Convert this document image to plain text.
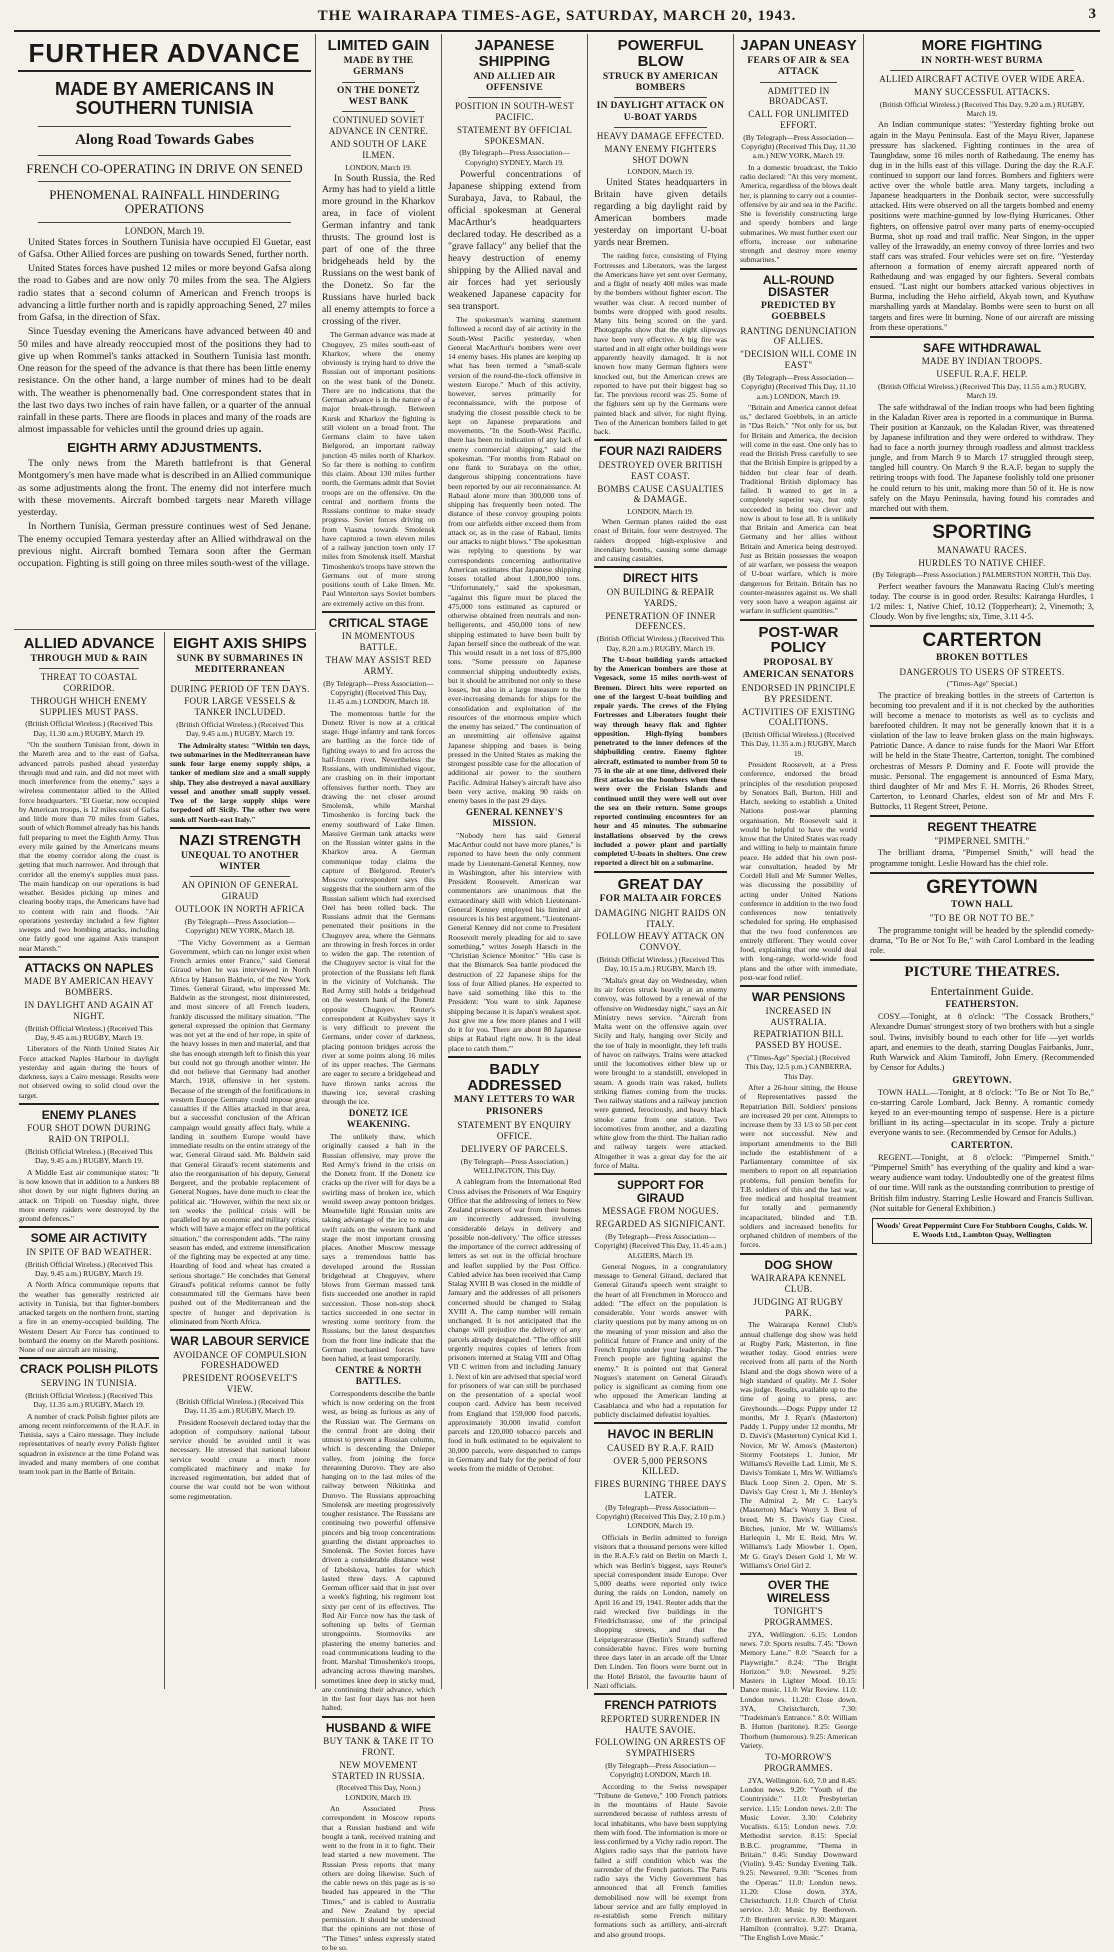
THE WAIRARAPA TIMES-AGE, SATURDAY, MARCH 20, 1943.	3
FURTHER ADVANCE
MADE BY AMERICANS IN SOUTHERN TUNISIA
Along Road Towards Gabes
FRENCH CO-OPERATING IN DRIVE ON SENED
PHENOMENAL RAINFALL HINDERING OPERATIONS
LONDON, March 19.

United States forces in Southern Tunisia have occupied El Guetar, east of Gafsa. Other Allied forces are pushing on towards Sened, further north.

United States forces have pushed 12 miles or more beyond Gafsa along the road to Gabes and are now only 70 miles from the sea. The Algiers radio states that a second column of American and French troops is advancing a little further north and is rapidly approaching Sened, 27 miles from Gafsa, in the direction of Sfax.

Since Tuesday evening the Americans have advanced between 40 and 50 miles and have already reoccupied most of the positions they had to give up when Rommel's tanks attacked in Southern Tunisia last month. One reason for the speed of the advance is that there has been little enemy resistance. On the other hand, a large number of mines had to be dealt with. The weather is phenomenally bad. One correspondent states that in the last two days two inches of rain have fallen, or a quarter of the annual rainfall in these parts. There are floods in places and many of the roads are almost impassable for vehicles until the ground dries up again.

EIGHTH ARMY ADJUSTMENTS.

The only news from the Mareth battlefront is that General Montgomery's men have made what is described in an Allied communique as some adjustments along the front. The enemy did not interfere much with these movements. Aircraft bombed targets near Mareth village yesterday.

In Northern Tunisia, German pressure continues west of Sed Jenane. The enemy occupied Temara yesterday after an Allied withdrawal on the previous night. Aircraft bombed Temara soon after the German occupation. Fighting is still going on three miles south-west of the village.

ALLIED ADVANCE
THROUGH MUD & RAIN
THREAT TO COASTAL CORRIDOR.
THROUGH WHICH ENEMY SUPPLIES MUST PASS.
(British Official Wireless.) (Received This Day, 11.30 a.m.) RUGBY, March 19.

"On the southern Tunisian front, down in the Mareth area and to the east of Gafsa, advanced patrols pushed ahead yesterday through mud and rain, and did not meet with much interference from the enemy," says a wireless commentator allied to the Allied force headquarters. "El Guetar, now occupied by American troops, is 12 miles east of Gafsa and little more than 70 miles from Gabes, south of which Rommel already has his hands full preparing to meet the Eighth Army. Thus every mile gained by the Americans means that the enemy corridor along the coast is getting that much narrower. And through that corridor all the enemy's supplies must pass. The main handicap on our operations is bad weather. Besides picking up mines and clearing booby traps, the Americans have had to content with rain and floods. "Air operations yesterday included a few fighter sweeps and two bombing attacks, including one fairly good one against Axis transport near Mareth."

ATTACKS ON NAPLES
MADE BY AMERICAN HEAVY BOMBERS.
IN DAYLIGHT AND AGAIN AT NIGHT.
(British Official Wireless.) (Received This Day, 9.45 a.m.) RUGBY, March 19.

Liberators of the Ninth United States Air Force attacked Naples Harbour in daylight yesterday and again during the hours of darkness, says a Cairo message. Results were not observed owing to solid cloud over the target.

ENEMY PLANES
FOUR SHOT DOWN DURING RAID ON TRIPOLI.
(British Official Wireless.) (Received This Day, 9.45 a.m.) RUGBY, March 19.

A Middle East air communique states: "It is now known that in addition to a Junkers 88 shot down by our night fighters during an attack on Tripoli on Tuesday night, three more enemy raiders were destroyed by the ground defences."

SOME AIR ACTIVITY
IN SPITE OF BAD WEATHER.
(British Official Wireless.) (Received This Day, 9.45 a.m.) RUGBY, March 19.

A North Africa communique reports that the weather has generally restricted air activity in Tunisia, but that fighter-bombers attacked targets on the northern front, starting a fire in an enemy-occupied building. The Western Desert Air Force has continued to bombard the enemy on the Mareth positions. None of our aircraft are missing.

CRACK POLISH PILOTS
SERVING IN TUNISIA.
(British Official Wireless.) (Received This Day, 11.35 a.m.) RUGBY, March 19.

A number of crack Polish fighter pilots are among recent reinforcements of the R.A.F. in Tunisia, says a Cairo message. They include representatives of nearly every Polish fighter squadron in existence at the time Poland was invaded and many members of one combat team took part in the Battle of Britain.

EIGHT AXIS SHIPS
SUNK BY SUBMARINES IN MEDITERRANEAN
DURING PERIOD OF TEN DAYS.
FOUR LARGE VESSELS & TANKER INCLUDED.
(British Official Wireless.) (Received This Day, 9.45 a.m.) RUGBY, March 19.

The Admiralty states: "Within ten days, two submarines in the Mediterranean have sunk four large enemy supply ships, a tanker of medium size and a small supply ship. They also destroyed a naval auxiliary vessel and another small supply vessel. Two of the large supply ships were torpedoed off Sicily. The other two were sunk off North-east Italy."

NAZI STRENGTH
UNEQUAL TO ANOTHER WINTER
AN OPINION OF GENERAL GIRAUD
OUTLOOK IN NORTH AFRICA
(By Telegraph—Press Association—Copyright) NEW YORK, March 18.

"The Vichy Government as a German Government, which can no longer exist when French armies enter France," said General Giraud when he was interviewed in North Africa by Hanson Baldwin, of the New York Times. General Giraud, who impressed Mr. Baldwin as the strongest, most disinterested, and most sincere of all French leaders, frankly discussed the military situation. "The general expressed the opinion that Germany was not yet at the end of her rope, in spite of the heavy losses in men and material, and that she has enough strength left to finish this year but could not go through another winter. He did not believe that Germany had another March, 1918, offensive in her system. Because of the strength of the fortifications in western Europe Germany could impose great casualties if the Allies attacked in that area, but a successful conclusion of the African campaign would greatly affect Italy, while a landing in southern Europe would have immediate results on the entire strategy of the war, General Giraud said. Mr. Baldwin said that General Giraud's recent statements and also the reorganisation of his deputy, General Bergeret, and the probable replacement of General Nogues, have done much to clear the political air. "However, within the next six or ten weeks the political crisis will be paralleled by an economic and military crisis, which will have a major effect on the political situation," the correspondent adds. "The rainy season has ended, and extreme intensification of the fighting may be expected at any time. Hoarding of food and wheat has created a serious shortage." He concludes that General Giraud's political reforms cannot be fully consummated till the Germans have been pushed out of the Mediterranean and the spectre of hunger and deprivation is eliminated from North Africa.

WAR LABOUR SERVICE
AVOIDANCE OF COMPULSION FORESHADOWED
PRESIDENT ROOSEVELT'S VIEW.
(British Official Wireless.) (Received This Day, 11.35 a.m.) RUGBY, March 19.

President Roosevelt declared today that the adoption of compulsory national labour service should be avoided until it was necessary. He stressed that national labour service would create a much more complicated machinery and make for increased regimentation, but added that of course the war could not be won without some regimentation.

LIMITED GAIN
MADE BY THE GERMANS
ON THE DONETZ WEST BANK
CONTINUED SOVIET ADVANCE IN CENTRE.
AND SOUTH OF LAKE ILMEN.
LONDON, March 19.

In South Russia, the Red Army has had to yield a little more ground in the Kharkov area, in face of violent German infantry and tank thrusts. The ground lost is part of one of the three bridgeheads held by the Russians on the west bank of the Donetz. So far the Russians have hurled back all enemy attempts to force a crossing of the river.

The German advance was made at Chuguyev, 25 miles south-east of Kharkov, where the enemy obviously is trying hard to drive the Russian out of important positions on the west bank of the Donetz. There are no indications that the German advance is in the nature of a major break-through. Between Kursk and Kharkov the fighting is still violent on a broad front. The Germans claim to have taken Bielgorod, an important railway junction 45 miles north of Kharkov. So far there is nothing to confirm this claim. About 130 miles further north, the Germans admit that Soviet troops are on the offensive. On the central and northern fronts the Russians continue to make steady progress. Soviet forces driving on from Viasma towards Smolensk have captured a town eleven miles of a railway junction town only 17 miles from Smolensk itself. Marshal Timoshenko's troops have strewn the Germans out of more strong positions south of Lake Ilmen. Mr. Paul Winterton says Soviet bombers are extremely active on this front.

CRITICAL STAGE
IN MOMENTOUS BATTLE.
THAW MAY ASSIST RED ARMY.
(By Telegraph—Press Association—Copyright) (Received This Day, 11.45 a.m.) LONDON, March 18.

The momentous battle for the Donetz River is now at a critical stage. Huge infantry and tank forces are battling as the force tide of fighting sways to and fro across the half-frozen river. Nevertheless the Russians, with undiminished vigour, are crashing on in their important offensives further north. They are drawing the net closer around Smolensk, while Marshal Timoshenko is forcing back the enemy southward of Lake Ilmen. Massive German tank attacks were on the Russian winter gains in the Kharkov area. A German communique today claims the capture of Bielgorod. Reuter's Moscow correspondent says this suggests that the southern arm of the Russian salient which had exercised Orel has been rolled back. The Russians admit that the Germans penetrated their positions in the Chuguyev area, where the Germans are throwing in fresh forces in order to widen the gap. The retention of the Chuguyev sector is vital for the protection of the Russians left flank in the vicinity of Volchansk. The Red Army still holds a bridgehead on the western bank of the Donetz opposite Chuguyev. Reuter's correspondent at Kuibyshev says it is very difficult to prevent the Germans, under cover of darkness, placing pontoon bridges across the river at some points along 16 miles of its upper reaches. The Germans are eager to secure a bridgehead and have thrown tanks across the thawing ice, several crashing through the ice.

DONETZ ICE WEAKENING.

The unlikely thaw, which originally caused a halt in the Russian offensive, may prove the Red Army's friend in the crisis on the Donetz front. If the Donetz ice cracks up the river will for days be a swirling mass of broken ice, which would sweep away pontoon bridges. Meanwhile light Russian units are taking advantage of the ice to make swift raids on the western bank and stage the most important crossing places. Another Moscow message says a tremendous battle has developed around the Russian bridgehead at Chuguyev, where blows from German massed tank fists succeeded one another in rapid succession. Those non-stop shock tactics succeeded in one sector in wresting some territory from the Russians, but the latest despatches from the front line indicate that the German mechanised forces have been halted, at least temporarily.

CENTRE & NORTH BATTLES.

Correspondents describe the battle which is now ordering on the front west, as being as furious as any of the Russian war. The Germans on the central front are doing their utmost to prevent a Russian column, which is descending the Dnieper valley, from joining the force threatening Durovo. They are also hanging on to the last miles of the railway between Nikitinka and Durovo. The Russians approaching Smolensk are meeting progressively tougher resistance. The Russians are continuing two powerful offensive pincers and big troop concentrations guarding the distant approaches to Smolensk. The Soviet forces have driven a considerable distance west of Izbolskova, battles for which lasted three days. A captured German officer said that in just over a week's fighting, his regiment lost sixty per cent of its effectives. The Red Air Force now has the task of softening up belts of German strongpoints. Stormoviks are plastering the enemy batteries and road communications leading to the front. Marshal Timoshenko's troops, advancing across thawing marshes, sometimes knee deep in sticky mud, are continuing their advance, which in the last four days has not been halted.

HUSBAND & WIFE
BUY TANK & TAKE IT TO FRONT.
NEW MOVEMENT STARTED IN RUSSIA.
(Received This Day, Noon.) LONDON, March 19.

An Associated Press correspondent in Moscow reports that a Russian husband and wife bought a tank, received training and went to the front in it to fight. Their lead started a new movement. The Russian Press reports that many others are doing likewise. Such of the cable news on this page as is so headed has appeared in the "The Times," and is cabled to Australia and New Zealand by special permission. It should be understood that the opinions are not those of "The Times" unless expressly stated to be so.

JAPANESE SHIPPING
AND ALLIED AIR OFFENSIVE
POSITION IN SOUTH-WEST PACIFIC.
STATEMENT BY OFFICIAL SPOKESMAN.
(By Telegraph—Press Association—Copyright) SYDNEY, March 19.

Powerful concentrations of Japanese shipping extend from Surabaya, Java, to Rabaul, the official spokesman at General MacArthur's headquarters declared today. He described as a "grave fallacy" any belief that the heavy destruction of enemy shipping by the Allied naval and air forces had yet seriously weakened Japanese capacity for sea transport.

The spokesman's warning statement followed a record day of air activity in the South-West Pacific yesterday, when General MacArthur's bombers were over 14 enemy bases. His planes are keeping up what has been termed a "small-scale version of the round-the-clock offensive in western Europe." Much of this activity, however, serves primarily for reconnaissance, with the purpose of studying the closest possible check to be kept on Japanese preparations and movements. "In the South-West Pacific, there has been no indication of any lack of enemy commercial shipping," said the spokesman. "For months from Rabaul on one flank to Surabaya on the other, dangerous shipping concentrations have been reported by our air reconnaissance. At Rabaul alone more than 300,000 tons of shipping has frequently been noted. The distance of these convoy grouping points from our airfields either exceed them from attack or, as in the case of Rabaul, limits our attacks to night blows." The spokesman was replying to questions by war correspondents concerning authoritative American estimates that Japanese shipping losses totalled about 1,800,000 tons. "Unfortunately," said the spokesman, "against this figure must be placed the 475,000 tons estimated as captured or otherwise obtained from neutrals and non-belligerents, and 450,000 tons of new shipping estimated to have been built by Japan herself since the outbreak of the war. This would result in a net loss of 875,000 tons. "Some pressure on Japanese commercial shipping undoubtedly exists, but it should be attributed not only to these losses, but also in a large measure to the ever-increasing demands for ships for the consolidation and exploitation of the resources of the enormous empire which the enemy has seized." The continuation of an unremitting air offensive against Japanese shipping and bases is being pressed in the United States as making the strongest possible case for the allocation of additional air power to the southern Pacific. Admiral Halsey's aircraft have also been very active, making 90 raids on enemy bases in the past 29 days.

GENERAL KENNEY'S MISSION.

"Nobody here has said General MacArthur could not have more planes," is reported to have been the only comment made by Lieutenant-General Kenney, now in Washington, after his interview with President Roosevelt. American war commentators are unanimous that the extraordinary skill with which Lieutenant-General Kenney employed his limited air resources is his best argument. "Lieutenant-General Kenney did not come to President Roosevelt merely pleading for aid to save something," writes Joseph Harsch in the "Christian Science Monitor." "His case is that the Bismarck Sea battle produced the destruction of 22 Japanese ships for the loss of four Allied planes. He expected to have said something like this to the President: 'You want to sink Japanese shipping because it is Japan's weakest spot. Just give me a few more planes and I will do it for you. There are about 80 Japanese ships at Rabaul right now. It is the ideal place to catch them.'"

BADLY ADDRESSED
MANY LETTERS TO WAR PRISONERS
STATEMENT BY ENQUIRY OFFICE.
DELIVERY OF PARCELS.
(By Telegraph—Press Association.) WELLINGTON, This Day.

A cablegram from the International Red Cross advises the Prisoners of War Enquiry Office that the addressing of letters to New Zealand prisoners of war from their homes are incorrectly addressed, involving considerable delays in delivery and 'possible non-delivery.' The office stresses the importance of the correct addressing of letters as set out in the official brochure and leaflet supplied by the Post Office. Cabled advice has been received that Camp Stalag XVIII B was closed in the middle of January and the addresses of all prisoners concerned should be changed to Stalag XVIII A. The camp number will remain unchanged. It is not anticipated that the change will prejudice the delivery of any parcels already despatched. "The office still urgently requires copies of letters from prisoners interned at Stalag VIII and Oflag VII C written from and including January 1. Next of kin are advised that special word for prisoners of war can still be purchased on the presentation of a special wool coupon card. Advice has been received from England that 159,000 food parcels, approximately 30,000 invalid comfort parcels and 120,000 tobacco parcels and food in bulk estimated to be equivalent to 30,000 parcels, were despatched to camps in Germany and Italy for the period of four weeks from the middle of October.

POWERFUL BLOW
STRUCK BY AMERICAN BOMBERS
IN DAYLIGHT ATTACK ON U-BOAT YARDS
HEAVY DAMAGE EFFECTED.
MANY ENEMY FIGHTERS SHOT DOWN
LONDON, March 19.

United States headquarters in Britain have given details regarding a big daylight raid by American bombers made yesterday on important U-boat yards near Bremen.

The raiding force, consisting of Flying Fortresses and Liberators, was the largest the Americans have yet sent over Germany, and a flight of nearly 400 miles was made by the bombers without fighter escort. The weather was clear. A record number of bombs were dropped with good results. Many hits being scored on the yard. Photographs show that the eight slipways have been very effective. A big fire was started and in all eight other buildings were apparently heavily damaged. It is not known how many German fighters were knocked out, but the American crews are reported to have put their biggest bag so far. The previous record was 25. Some of the fighters sent up by the Germans were painted black and silver, for night flying. Two of the American bombers failed to get back.

FOUR NAZI RAIDERS
DESTROYED OVER BRITISH EAST COAST.
BOMBS CAUSE CASUALTIES & DAMAGE.
LONDON, March 19.

When German planes raided the east coast of Britain, four were destroyed. The raiders dropped high-explosive and incendiary bombs, causing some damage and causing casualties.

DIRECT HITS
ON BUILDING & REPAIR YARDS.
PENETRATION OF INNER DEFENCES.
(British Official Wireless.) (Received This Day, 8.20 a.m.) RUGBY, March 19.

The U-boat building yards attacked by the American bombers are those at Vegesack, some 15 miles north-west of Bremen. Direct hits were reported on one of the largest U-boat building and repair yards. The crews of the Flying Fortresses and Liberators fought their way through heavy flak and fighter opposition. High-flying bombers penetrated to the inner defences of the shipbuilding centre. Enemy fighter aircraft, estimated to number from 50 to 75 in the air at one time, delivered their first attacks on the bombers when these were over the Frisian Islands and continued until they were well out over the sea on their return. Some groups reported continuing encounters for an hour and 45 minutes. The submarine installations observed by the crews included a power plant and partially completed U-boats in shelters. One crew reported a direct hit on a submarine.

GREAT DAY
FOR MALTA AIR FORCES
DAMAGING NIGHT RAIDS ON ITALY.
FOLLOW HEAVY ATTACK ON CONVOY.
(British Official Wireless.) (Received This Day, 10.15 a.m.) RUGBY, March 19.

"Malta's great day on Wednesday, when its air forces struck heavily at an enemy convoy, was followed by a renewal of the offensive on Wednesday night," says an Air Ministry news service. "Aircraft from Malta went on the offensive again over Sicily and Italy, hanging over Sicily and the toe of Italy in moonlight, they left trails of havoc on railways. Trains were attacked until the locomotives either blew up or were brought to a standstill, enveloped in steam. A goods train was raked, bullets striking flames coming from the trucks. Two railway stations and a railway junction were gunned, ferociously, and heavy black smoke came from one station. Two locomotives from another, and a dazzling white glow from the third. The Italian radio and railway targets were attacked. Altogether it was a great day for the air force of Malta.

SUPPORT FOR GIRAUD
MESSAGE FROM NOGUES.
REGARDED AS SIGNIFICANT.
(By Telegraph—Press Association—Copyright) (Received This Day, 11.45 a.m.) ALGIERS, March 19.

General Nogues, in a congratulatory message to General Giraud, declared that General Giraud's speech went straight to the heart of all Frenchmen in Morocco and added: "The effect on the population is considerable. Your words answer with clarity questions put by many among us on the meaning of your mission and also the political future of France and unity of the French Empire under your leadership. The French people are fighting against the enemy." It is pointed out that General Nogues's statement on General Giraud's policy is significant as coming from one who opposed the American landing at Casablanca and who had a reputation for publicly disclaimed defeatist loyalties.

HAVOC IN BERLIN
CAUSED BY R.A.F. RAID
OVER 5,000 PERSONS KILLED.
FIRES BURNING THREE DAYS LATER.
(By Telegraph—Press Association—Copyright) (Received This Day, 2.10 p.m.) LONDON, March 19.

Officials in Berlin admitted to foreign visitors that a thousand persons were killed in the R.A.F.'s raid on Berlin on March 1, which was Berlin's biggest, says Reuter's special correspondent inside Europe. Over 5,000 deaths were reported only twice during the raids on London, namely on April 16 and 19, 1941. Reuter adds that the raid wrecked five buildings in the Friedrichstrasse, one of the principal shopping streets, and that the Leipzigerstrasse (Berlin's Strand) suffered considerable havoc. Fires were burning three days later in an arcade off the Unter Den Linden. Ten floors were burnt out in the Hotel Bristol, the favourite haunt of Nazi officials.

FRENCH PATRIOTS
REPORTED SURRENDER IN HAUTE SAVOIE.
FOLLOWING ON ARRESTS OF SYMPATHISERS
(By Telegraph—Press Association—Copyright) LONDON, March 18.

According to the Swiss newspaper "Tribune de Geneve," 100 French patriots in the mountains of Haute Savoie surrendered because of ruthless arrests of local inhabitants, who have been supplying them with food. The information is more or less confirmed by a Vichy radio report. The Algiers radio says that the patriots have failed a stiff condition which was the surrender of the French patriots. The Paris radio says the Vichy Government has announced that all French families demobilised now will be exempt from labour service and are fully employed in re-establish some French military formations such as artillery, anti-aircraft and also ground troops.

JAPAN UNEASY
FEARS OF AIR & SEA ATTACK
ADMITTED IN BROADCAST.
CALL FOR UNLIMITED EFFORT.
(By Telegraph—Press Association—Copyright) (Received This Day, 11.30 a.m.) NEW YORK, March 19.

In a domestic broadcast, the Tokio radio declared: "At this very moment, America, regardless of the blows dealt her, is planning to carry out a counter-offensive by air and sea in the Pacific. She is feverishly constructing large and speedy bombers and large submarines. We must further exert our efforts, increase our submarine strength and destroy more enemy submarines."

ALL-ROUND DISASTER
PREDICTED BY GOEBBELS
RANTING DENUNCIATION OF ALLIES.
"DECISION WILL COME IN EAST"
(By Telegraph—Press Association—Copyright) (Received This Day, 11.10 a.m.) LONDON, March 19.

"Britain and America cannot defeat us," declared Goebbels, in an article in "Das Reich." "Not only for us, but for Britain and America, the decision will come in the east. One only has to read the British Press carefully to see that the British Empire is gripped by a hidden but clear fear of death. Traditional British diplomacy has failed. It wanted to get in a completely superior way, but only succeeded in being too clever and now is about to lose all. It is unlikely that Britain and America can beat Germany and her allies without Britain and America being destroyed. Just as Britain possesses the weapon of air warfare, we possess the weapon of U-boat warfare, which is more dangerous for Britain. Britain has no counter-measures against us. We shall very soon have a weapon against air warfare in sufficient quantities."

POST-WAR POLICY
PROPOSAL BY AMERICAN SENATORS
ENDORSED IN PRINCIPLE BY PRESIDENT.
ACTIVITIES OF EXISTING COALITIONS.
(British Official Wireless.) (Received This Day, 11.35 a.m.) RUGBY, March 19.

President Roosevelt, at a Press conference, endorsed the broad principles of the resolution proposed by Senators Ball, Burton, Hill and Hatch, seeking to establish a United Nations post-war planning organisation. Mr Roosevelt said it would be helpful to have the world know that the United States was ready and willing to help to maintain future peace. He added that his own post-war consultation, headed by Mr Cordell Hull and Mr Sumner Welles, was discussing the possibility of acting under United Nations conference in addition to the two food conferences now tentatively scheduled for spring. He emphasised that the two food conferences are entirely different. They would cover food, explaining that one would deal with long-range, world-wide food plans and the other with immediate, post-war food relief.

WAR PENSIONS
INCREASED IN AUSTRALIA.
REPATRIATION BILL PASSED BY HOUSE.
("Times-Age" Special.) (Received This Day, 12.5 p.m.) CANBERRA, This Day.

After a 26-hour sitting, the House of Representatives passed the Repatriation Bill. Soldiers' pensions are increased 20 per cent. Attempts to increase them by 33 1/3 to 50 per cent were not successful. New and important amendments to the Bill include the establishment of a Parliamentary committee of six members to report on all repatriation problems, full pension benefits for T.B. soldiers of this and the last war, free medical and hospital treatment for totally and permanently incapacitated, blinded and T.B. soldiers and increased benefits for orphaned children of members of the forces.

DOG SHOW
WAIRARAPA KENNEL CLUB.
JUDGING AT RUGBY PARK.

The Wairarapa Kennel Club's annual challenge dog show was held at Rugby Park, Masterton, in fine weather today. Good entries were received from all parts of the North Island and the dogs shown were of a high standard of quality. Mr J. Soler was judge. Results, available up to the time of going to press, are: Greyhounds.—Dogs: Puppy under 12 months, Mr J. Ryan's (Masterton) Paddy 1. Puppy under 12 months, Mr D. Davis's (Masterton) Cynical Kid 1. Novice, Mr W. Amos's (Masterton) Stormy Footsteps 1. Junior, Mr Williams's Reveille Lad. Limit, Mr S. Davis's Tomkate 1, Mrs W. Williams's Black Loop Siren 2. Open, Mr S. Davis's Gay Crest 1, Mr J. Henley's The Admiral 2, Mr C. Lacy's (Masterton) Mac's Worry 3. Best of breed, Mr S. Davis's Gay Crest. Bitches, junior, Mr W. Williams's Harlequin 1, Mr E. Reid, Mrs W. Williams's Lady Miowber 1. Open, Mr G. Gray's Desert Gold 1, Mr W. Williams's Oriel Girl 2.

OVER THE WIRELESS
TONIGHT'S PROGRAMMES.

2YA, Wellington. 6.15: London news. 7.0: Sports results. 7.45: "Down Memory Lane." 8.0: "Search for a Playwright." 8.24: "The Bright Horizon." 9.0: Newsreel. 9.25: Masters in Lighter Mood. 10.15: Dance music. 11.0: War Review. 11.0: London news. 11.20: Close down. 3YA, Christchurch. 7.30: "Tradesman's Entrance." 8.0: William B. Hutton (baritone). 8.25: George Thorburn (humorous). 9.25: American Variety.

TO-MORROW'S PROGRAMMES.

2YA, Wellington. 6.0, 7.0 and 8.45: London news. 9.20: "Youth of the Countryside." 11.0: Presbyterian service. 1.15: London news. 2.0: The Music Lover. 3.30: Celebrity Vocalists. 6.15: London news. 7.0: Methodist service. 8.15: Special B.B.C. programme, "Thema in Britain." 8.45: Sunday Downward (Violin). 9.45: Sunday Evening Talk. 9.25: Newsreel. 9.30: "Scenes from the Operas." 11.0: London news. 11.20: Close down. 3YA, Christchurch. 11.0: Church of Christ service. 3.0: Music by Beethoven. 7.0: Brethren service. 8.30: Margaret Hamilton (contralto). 9.27: Drama, "The English Love Music."

MORE FIGHTING
IN NORTH-WEST BURMA
ALLIED AIRCRAFT ACTIVE OVER WIDE AREA.
MANY SUCCESSFUL ATTACKS.
(British Official Wireless.) (Received This Day, 9.20 a.m.) RUGBY, March 19.

An Indian communique states: "Yesterday fighting broke out again in the Mayu Peninsula. East of the Mayu River, Japanese pressure has slackened. Fighting continues in the area of Taungbdaw, some 16 miles north of Rathedaung. The enemy has dug in in the hills east of this village. During the day the R.A.F. continued to support our land forces. Bombers and fighters were active over the whole battle area. Many targets, including a Japanese headquarters in the Donbaik sector, were successfully attacked. Hits were observed on all the targets bombed and enemy positions were machine-gunned by low-flying Hurricanes. Other fighters, on offensive patrol over many parts of enemy-occupied Burma, shot up road and trail traffic. Near Singon, in the upper valley of the Irrawaddy, an enemy convoy of three lorries and two staff cars was strafed. Four vehicles were set on fire. "Yesterday afternoon a formation of enemy aircraft appeared north of Rathedaung and was engaged by our fighters. Several combats ensued. "Last night our bombers attacked various objectives in Burma, including the Heho airfield, Akyab town, and Kyuthaw marshalling yards at Mandalay. Bombs were seen to burst on all targets and fires were lit burning. None of our aircraft are missing from these operations."

SAFE WITHDRAWAL
MADE BY INDIAN TROOPS.
USEFUL R.A.F. HELP.
(British Official Wireless.) (Received This Day, 11.55 a.m.) RUGBY, March 19.

The safe withdrawal of the Indian troops who had been fighting in the Kaladan River area is reported in a communique in Burma. Their position at Kanzauk, on the Kaladan River, was threatened by Japanese infiltration and they were ordered to withdraw. They had to face a north journey through roadless and almost trackless jungle, and from March 9 to March 17 struggled through steep, tangled hill country. On March 9 the R.A.F. began to supply the retiring troops with food. The Japanese foolishly told one prisoner he could return to his unit, making more than 50 of it. He is now safely on the Mayu Peninsula, having found his comrades and marched out with them.

SPORTING
MANAWATU RACES.
HURDLES TO NATIVE CHIEF.
(By Telegraph—Press Association.) PALMERSTON NORTH, This Day.

Perfect weather favours the Manawatu Racing Club's meeting today. The course is in good order. Results: Kairanga Hurdles, 1 1/2 miles: 1, Native Chief, 10.12 (Topperheart); 2, Vinemoth; 3, Cloudy. Won by five lengths; six, Time, 3.11 4-5.

CARTERTON
BROKEN BOTTLES
DANGEROUS TO USERS OF STREETS.
("Times-Age" Special.)

The practice of breaking bottles in the streets of Carterton is becoming too prevalent and if it is not checked by the authorities will become a menace to motorists as well as to cyclists and barefooted children. It may not be generally known that it is a violation of the law to leave broken glass on the main highways. Patriotic Dance. A dance to raise funds for the Maori War Effort will be held in the State Theatre, Carterton, tonight. The combined orchestras of Messrs P. Dominy and F. Foote will provide the music. Personal. The engagement is announced of Esma Mary, third daughter of Mr and Mrs F. H. Morris, 26 Rhodes Street, Carterton, to Leonard Charles, eldest son of Mr and Mrs F. Buttocks, 11 Regent Street, Petone.

REGENT THEATRE
"PIMPERNEL SMITH."

The brilliant drama, "Pimpernel Smith," will head the programme tonight. Leslie Howard has the chief role.

GREYTOWN
TOWN HALL
"TO BE OR NOT TO BE."

The programme tonight will be headed by the splendid comedy-drama, "To Be or Not To Be," with Carol Lombard in the leading role.

PICTURE THEATRES.
Entertainment Guide.
FEATHERSTON.

COSY.—Tonight, at 8 o'clock: "The Cossack Brothers," Alexandre Dumas' strongest story of two brothers with but a single soul. Twins, invisibly bound to each other for life —yet worlds apart, and enemies to the death, starring Douglas Fairbanks, Junr., Ruth Warwick and Akim Tamiroff, John Emery. (Recommended by Censor for Adults.)

GREYTOWN.

TOWN HALL.—Tonight, at 8 o'clock: "To Be or Not To Be," co-starring Carole Lombard, Jack Benny. A romantic comedy keyed to an ever-mounting tempo of suspense. Here is a picture brilliant in its acting—spectacular in its scope. Truly a picture everyone wants to see. (Recommended by Censor for Adults.)

CARTERTON.

REGENT.—Tonight, at 8 o'clock: "Pimpernel Smith." "Pimpernel Smith" has everything of the quality and kind a war-weary audience want today. Undoubtedly one of the greatest films of our time. Will rank as the outstanding contribution to prestige of British film industry. Starring Leslie Howard and Francis Sullivan. (Not suitable for General Exhibition.)

Woods' Great Peppermint Cure For Stubborn Coughs, Colds. W. E. Woods Ltd., Lambton Quay, Wellington
